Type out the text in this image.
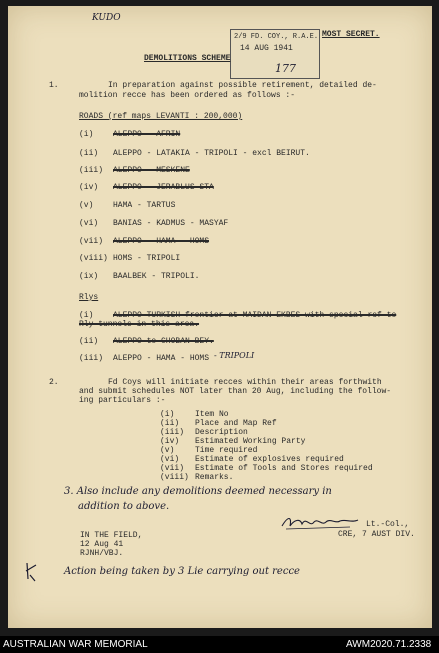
KUDO
MOST SECRET.
2/9 FD. COY., R.A.E.
14 AUG 1941
177
DEMOLITIONS SCHEME
1.	In preparation against possible retirement, detailed de-
molition recce has been ordered as follows :-
ROADS (ref maps LEVANTI : 200,000)
(i) ALEPPO - AFRIN
(ii) ALEPPO - LATAKIA - TRIPOLI - excl BEIRUT.
(iii) ALEPPO - MESKENE
(iv) ALEPPO - JERABLUS STA
(v) HAMA - TARTUS
(vi) BANIAS - KADMUS - MASYAF
(vii) ALEPPO - HAMA - HOMS
(viii) HOMS - TRIPOLI
(ix) BAALBEK - TRIPOLI.
Rlys
(i) ALEPPO-TURKISH frontier at MAIDAN EKBES with special ref to
Rly tunnels in this area.
(ii) ALEPPO to CHOBAN BEY.
(iii) ALEPPO - HAMA - HOMS - TRIPOLI
2.	Fd Coys will initiate recces within their areas forthwith
and submit schedules NOT later than 20 Aug, including the follow-
ing particulars :-
(i)	Item No
(ii) Place and Map Ref
(iii) Description
(iv) Estimated Working Party
(v)	Time required
(vi) Estimate of explosives required
(vii) Estimate of Tools and Stores required
(viii) Remarks.
3. Also include any demolitions deemed necessary in
addition to above.
Lt.-Col.,
CRE, 7 AUST DIV.
IN THE FIELD,
12 Aug 41
RJNH/VBJ.
Action being taken by 3 Lie carrying out recce
AUSTRALIAN WAR MEMORIAL	AWM2020.71.2338
